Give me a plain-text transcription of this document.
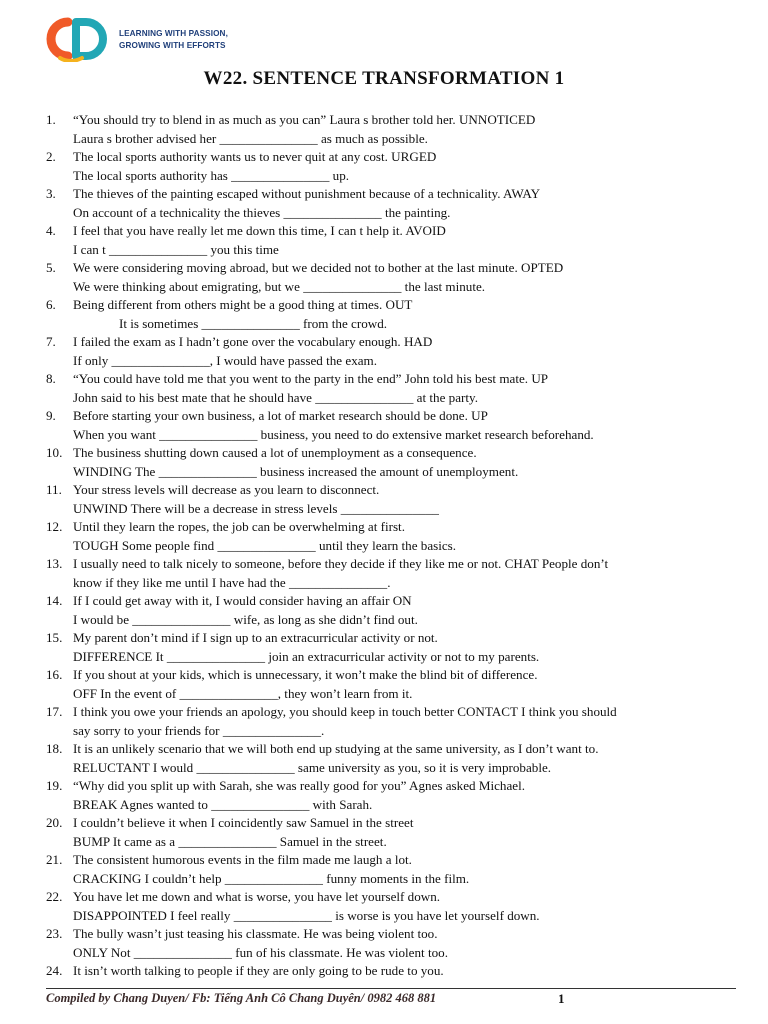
LEARNING WITH PASSION,
GROWING WITH EFFORTS
W22. SENTENCE TRANSFORMATION 1
1.	“You should try to blend in as much as you can” Laura s brother told her. UNNOTICED
Laura s brother advised her _______________ as much as possible.
2.	The local sports authority wants us to never quit at any cost. URGED
The local sports authority has _______________ up.
3.	The thieves of the painting escaped without punishment because of a technicality. AWAY
On account of a technicality the thieves _______________ the painting.
4.	I feel that you have really let me down this time, I can t help it. AVOID
I can t _______________ you this time
5.	We were considering moving abroad, but we decided not to bother at the last minute. OPTED
We were thinking about emigrating, but we _______________ the last minute.
6.	Being different from others might be a good thing at times. OUT
It is sometimes _______________ from the crowd.
7.	I failed the exam as I hadn’t gone over the vocabulary enough. HAD
If only _______________, I would have passed the exam.
8.	“You could have told me that you went to the party in the end” John told his best mate. UP
John said to his best mate that he should have _______________ at the party.
9.	Before starting your own business, a lot of market research should be done. UP
When you want _______________ business, you need to do extensive market research beforehand.
10. The business shutting down caused a lot of unemployment as a consequence.
WINDING The _______________ business increased the amount of unemployment.
11. Your stress levels will decrease as you learn to disconnect.
UNWIND There will be a decrease in stress levels _______________
12. Until they learn the ropes, the job can be overwhelming at first.
TOUGH Some people find _______________ until they learn the basics.
13. I usually need to talk nicely to someone, before they decide if they like me or not. CHAT People don’t
know if they like me until I have had the _______________.
14. If I could get away with it, I would consider having an affair ON
I would be _______________ wife, as long as she didn’t find out.
15. My parent don’t mind if I sign up to an extracurricular activity or not.
DIFFERENCE It _______________ join an extracurricular activity or not to my parents.
16. If you shout at your kids, which is unnecessary, it won’t make the blind bit of difference.
OFF In the event of _______________, they won’t learn from it.
17. I think you owe your friends an apology, you should keep in touch better CONTACT I think you should
say sorry to your friends for _______________.
18. It is an unlikely scenario that we will both end up studying at the same university, as I don’t want to.
RELUCTANT I would _______________ same university as you, so it is very improbable.
19. “Why did you split up with Sarah, she was really good for you” Agnes asked Michael.
BREAK Agnes wanted to _______________ with Sarah.
20. I couldn’t believe it when I coincidently saw Samuel in the street
BUMP It came as a _______________ Samuel in the street.
21. The consistent humorous events in the film made me laugh a lot.
CRACKING I couldn’t help _______________ funny moments in the film.
22. You have let me down and what is worse, you have let yourself down.
DISAPPOINTED I feel really _______________ is worse is you have let yourself down.
23. The bully wasn’t just teasing his classmate. He was being violent too.
ONLY Not _______________ fun of his classmate. He was violent too.
24. It isn’t worth talking to people if they are only going to be rude to you.
Compiled by Chang Duyen/ Fb: Tiếng Anh Cô Chang Duyên/ 0982 468 881	1
